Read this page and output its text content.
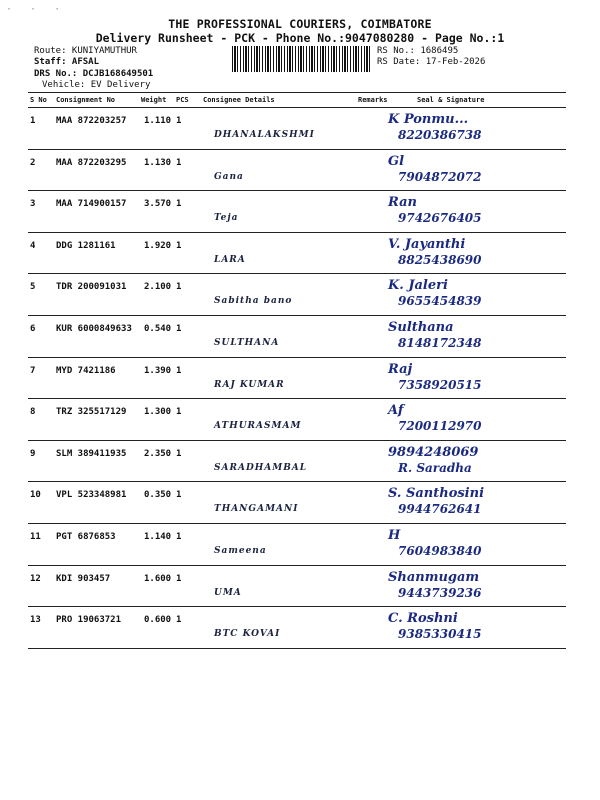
· · ·
THE PROFESSIONAL COURIERS, COIMBATORE
Delivery Runsheet - PCK - Phone No.:9047080280 - Page No.:1
Route: KUNIYAMUTHUR
Staff: AFSAL
DRS No.: DCJB168649501
Vehicle: EV Delivery
RS No.: 1686495
RS Date: 17-Feb-2026
S No Consignment No	Weight PCS Consignee Details	Remarks	Seal & Signature
1 MAA 872203257 1.110 1
DHANALAKSHMI
K Ponmu...
8220386738
2 MAA 872203295 1.130 1
Gana
Gl
7904872072
3 MAA 714900157 3.570 1
Teja
Ran
9742676405
4 DDG 1281161	1.920 1
LARA
V. Jayanthi
8825438690
5 TDR 200091031 2.100 1
Sabitha bano
K. Jaleri
9655454839
6 KUR 6000849633 0.540 1
SULTHANA
Sulthana
8148172348
7 MYD 7421186	1.390 1
RAJ KUMAR
Raj
7358920515
8 TRZ 325517129 1.300 1
ATHURASMAM
Af
7200112970
9 SLM 389411935 2.350 1
SARADHAMBAL
9894248069
R. Saradha
10 VPL 523348981 0.350 1
THANGAMANI
S. Santhosini
9944762641
11 PGT 6876853	1.140 1
Sameena
H
7604983840
12 KDI 903457	1.600 1
UMA
Shanmugam
9443739236
13 PRO 19063721	0.600 1
BTC KOVAI
C. Roshni
9385330415
